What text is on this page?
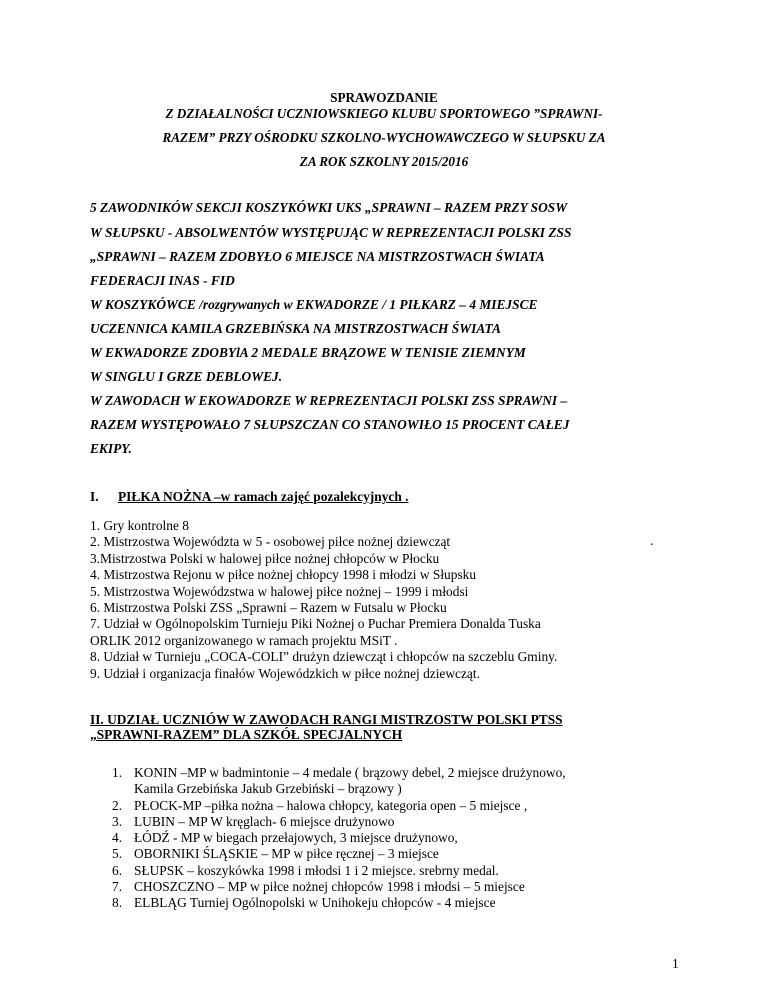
SPRAWOZDANIE
Z DZIAŁALNOŚCI UCZNIOWSKIEGO KLUBU SPORTOWEGO ”SPRAWNI-
RAZEM” PRZY OŚRODKU SZKOLNO-WYCHOWAWCZEGO W SŁUPSKU ZA
ZA ROK SZKOLNY 2015/2016
5 ZAWODNIKÓW SEKCJI KOSZYKÓWKI UKS „SPRAWNI – RAZEM PRZY SOSW
W SŁUPSKU - ABSOLWENTÓW WYSTĘPUJĄC W REPREZENTACJI POLSKI ZSS
„SPRAWNI – RAZEM ZDOBYŁO 6 MIEJSCE NA MISTRZOSTWACH ŚWIATA
FEDERACJI INAS - FID
W KOSZYKÓWCE /rozgrywanych w EKWADORZE / 1 PIŁKARZ – 4 MIEJSCE
UCZENNICA KAMILA GRZEBIŃSKA NA MISTRZOSTWACH ŚWIATA
W EKWADORZE ZDOBYlA 2 MEDALE BRĄZOWE W TENISIE ZIEMNYM
W SINGLU I GRZE DEBLOWEJ.
W ZAWODACH W EKOWADORZE W REPREZENTACJI POLSKI ZSS SPRAWNI –
RAZEM WYSTĘPOWAŁO 7 SŁUPSZCZAN CO STANOWIŁO 15 PROCENT CAŁEJ
EKIPY.
I. PIŁKA NOŻNA –w ramach zajęć pozalekcyjnych .
1. Gry kontrolne 8
2. Mistrzostwa Województa w 5 - osobowej piłce nożnej dziewcząt
3.Mistrzostwa Polski w halowej piłce nożnej chłopców w Płocku
4. Mistrzostwa Rejonu w piłce nożnej chłopcy 1998 i młodzi w Słupsku
5. Mistrzostwa Wojewódzstwa w halowej piłce nożnej – 1999 i młodsi
6. Mistrzostwa Polski ZSS „Sprawni – Razem w Futsalu w Płocku
7. Udział w Ogólnopolskim Turnieju Piki Nożnej o Puchar Premiera Donalda Tuska
ORLIK 2012 organizowanego w ramach projektu MSiT .
8. Udział w Turnieju „COCA-COLI” drużyn dziewcząt i chłopców na szczeblu Gminy.
9. Udział i organizacja finałów Wojewódzkich w piłce nożnej dziewcząt.
.
II. UDZIAŁ UCZNIÓW W ZAWODACH RANGI MISTRZOSTW POLSKI PTSS
„SPRAWNI-RAZEM” DLA SZKÓŁ SPECJALNYCH
1. KONIN –MP w badmintonie – 4 medale ( brązowy debel, 2 miejsce drużynowo,
Kamila Grzebińska Jakub Grzebiński – brązowy )
2. PŁOCK-MP –piłka nożna – halowa chłopcy, kategoria open – 5 miejsce ,
3. LUBIN – MP W kręglach- 6 miejsce drużynowo
4. ŁÓDŹ - MP w biegach przełajowych, 3 miejsce drużynowo,
5. OBORNIKI ŚLĄSKIE – MP w piłce ręcznej – 3 miejsce
6. SŁUPSK – koszykówka 1998 i młodsi 1 i 2 miejsce. srebrny medal.
7. CHOSZCZNO – MP w piłce nożnej chłopców 1998 i młodsi – 5 miejsce
8. ELBLĄG Turniej Ogólnopolski w Unihokeju chłopców - 4 miejsce
1
